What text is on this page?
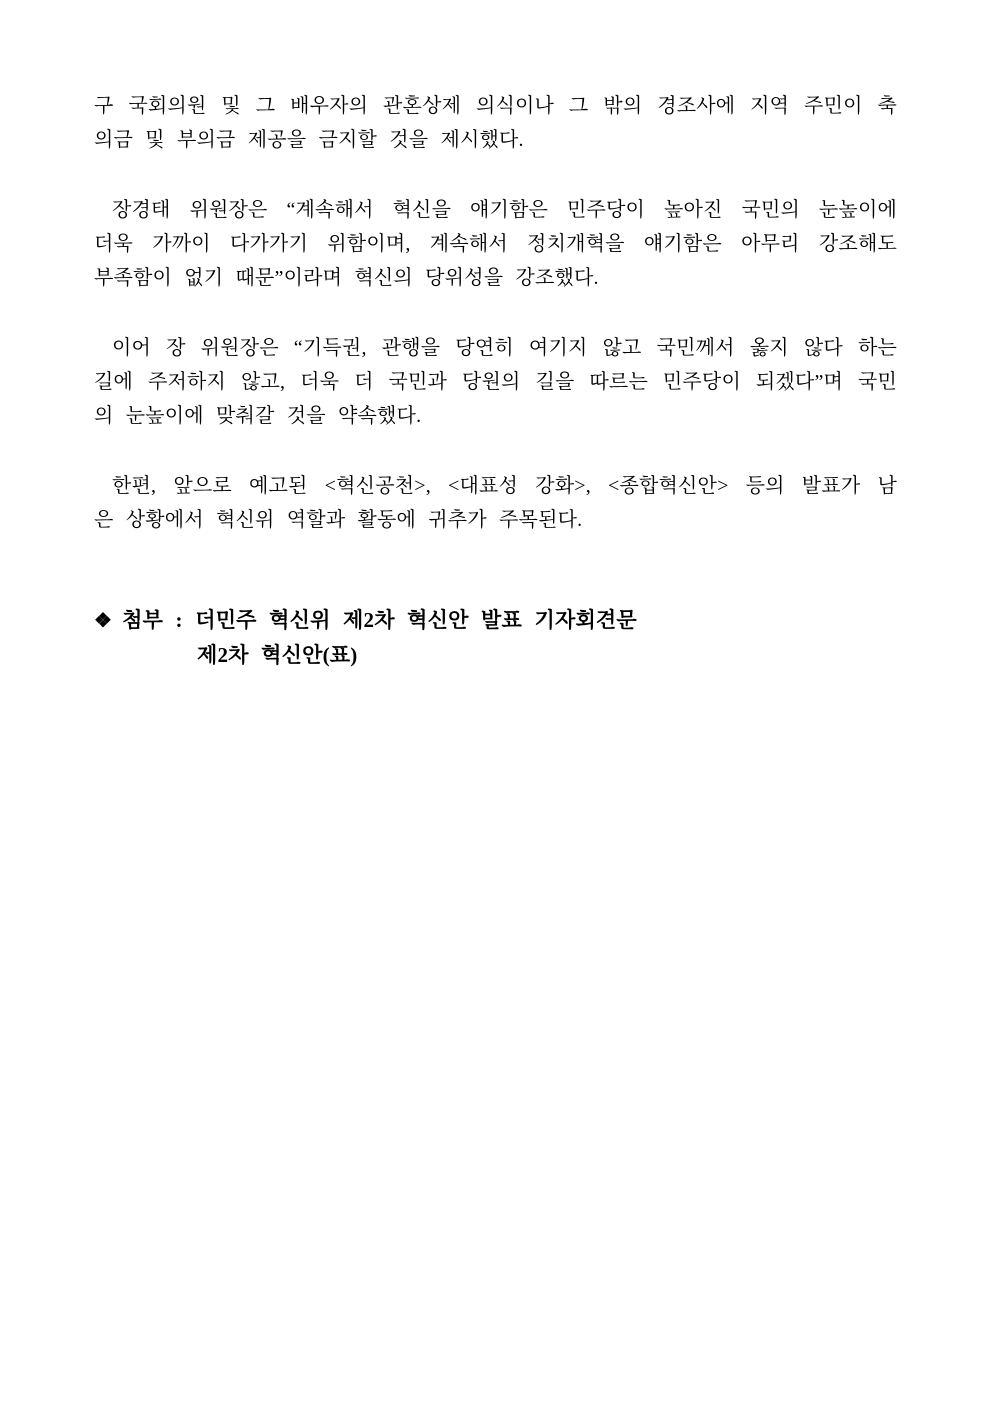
구 국회의원 및 그 배우자의 관혼상제 의식이나 그 밖의 경조사에 지역 주민이 축
의금 및 부의금 제공을 금지할 것을 제시했다.
장경태 위원장은 “계속해서 혁신을 얘기함은 민주당이 높아진 국민의 눈높이에
더욱 가까이 다가가기 위함이며, 계속해서 정치개혁을 얘기함은 아무리 강조해도
부족함이 없기 때문”이라며 혁신의 당위성을 강조했다.
이어 장 위원장은 “기득권, 관행을 당연히 여기지 않고 국민께서 옳지 않다 하는
길에 주저하지 않고, 더욱 더 국민과 당원의 길을 따르는 민주당이 되겠다”며 국민
의 눈높이에 맞춰갈 것을 약속했다.
한편, 앞으로 예고된 <혁신공천>, <대표성 강화>, <종합혁신안> 등의 발표가 남
은 상황에서 혁신위 역할과 활동에 귀추가 주목된다.
❖ 첨부 : 더민주 혁신위 제2차 혁신안 발표 기자회견문
제2차 혁신안(표)
